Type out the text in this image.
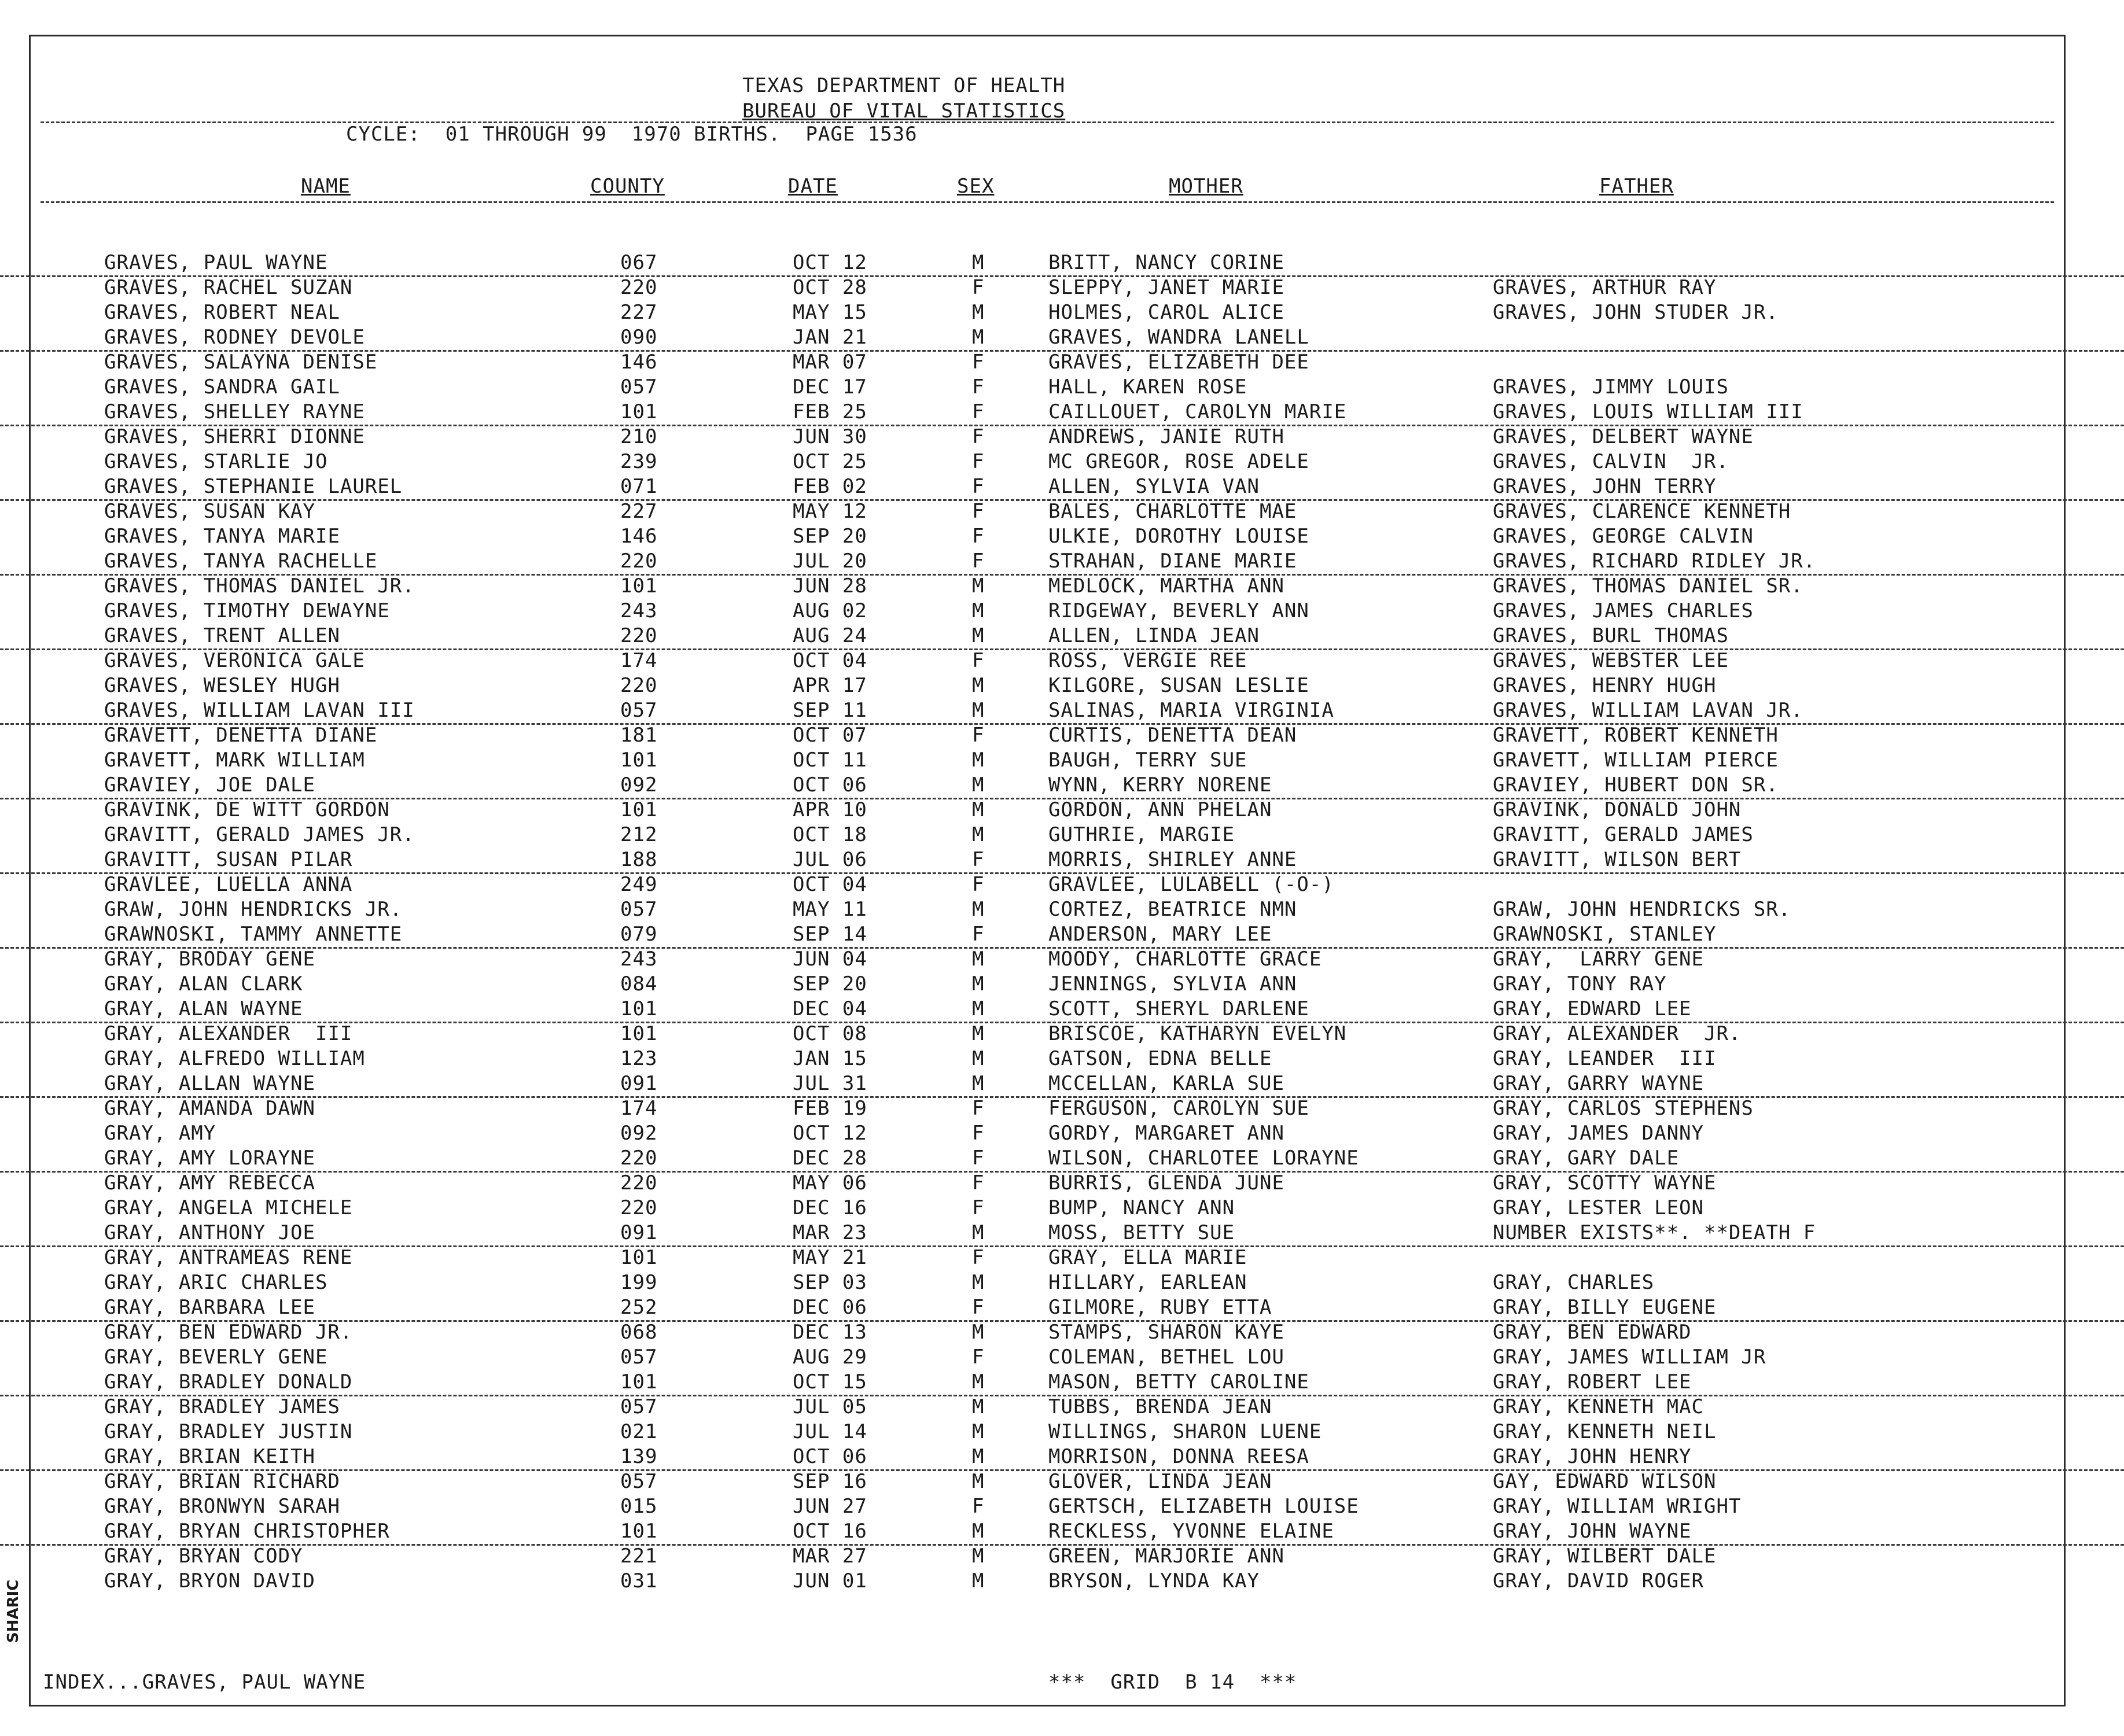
TEXAS DEPARTMENT OF HEALTH
BUREAU OF VITAL STATISTICS
CYCLE:  01 THROUGH 99  1970 BIRTHS.  PAGE 1536
NAME	COUNTY	DATE	SEX	MOTHER	FATHER
GRAVES, PAUL WAYNE	067	OCT 12	M	BRITT, NANCY CORINE
GRAVES, RACHEL SUZAN	220	OCT 28	F	SLEPPY, JANET MARIE	GRAVES, ARTHUR RAY
GRAVES, ROBERT NEAL	227	MAY 15	M	HOLMES, CAROL ALICE	GRAVES, JOHN STUDER JR.
GRAVES, RODNEY DEVOLE	090	JAN 21	M	GRAVES, WANDRA LANELL
GRAVES, SALAYNA DENISE	146	MAR 07	F	GRAVES, ELIZABETH DEE
GRAVES, SANDRA GAIL	057	DEC 17	F	HALL, KAREN ROSE	GRAVES, JIMMY LOUIS
GRAVES, SHELLEY RAYNE	101	FEB 25	F	CAILLOUET, CAROLYN MARIE	GRAVES, LOUIS WILLIAM III
GRAVES, SHERRI DIONNE	210	JUN 30	F	ANDREWS, JANIE RUTH	GRAVES, DELBERT WAYNE
GRAVES, STARLIE JO	239	OCT 25	F	MC GREGOR, ROSE ADELE	GRAVES, CALVIN  JR.
GRAVES, STEPHANIE LAUREL	071	FEB 02	F	ALLEN, SYLVIA VAN	GRAVES, JOHN TERRY
GRAVES, SUSAN KAY	227	MAY 12	F	BALES, CHARLOTTE MAE	GRAVES, CLARENCE KENNETH
GRAVES, TANYA MARIE	146	SEP 20	F	ULKIE, DOROTHY LOUISE	GRAVES, GEORGE CALVIN
GRAVES, TANYA RACHELLE	220	JUL 20	F	STRAHAN, DIANE MARIE	GRAVES, RICHARD RIDLEY JR.
GRAVES, THOMAS DANIEL JR.	101	JUN 28	M	MEDLOCK, MARTHA ANN	GRAVES, THOMAS DANIEL SR.
GRAVES, TIMOTHY DEWAYNE	243	AUG 02	M	RIDGEWAY, BEVERLY ANN	GRAVES, JAMES CHARLES
GRAVES, TRENT ALLEN	220	AUG 24	M	ALLEN, LINDA JEAN	GRAVES, BURL THOMAS
GRAVES, VERONICA GALE	174	OCT 04	F	ROSS, VERGIE REE	GRAVES, WEBSTER LEE
GRAVES, WESLEY HUGH	220	APR 17	M	KILGORE, SUSAN LESLIE	GRAVES, HENRY HUGH
GRAVES, WILLIAM LAVAN III	057	SEP 11	M	SALINAS, MARIA VIRGINIA	GRAVES, WILLIAM LAVAN JR.
GRAVETT, DENETTA DIANE	181	OCT 07	F	CURTIS, DENETTA DEAN	GRAVETT, ROBERT KENNETH
GRAVETT, MARK WILLIAM	101	OCT 11	M	BAUGH, TERRY SUE	GRAVETT, WILLIAM PIERCE
GRAVIEY, JOE DALE	092	OCT 06	M	WYNN, KERRY NORENE	GRAVIEY, HUBERT DON SR.
GRAVINK, DE WITT GORDON	101	APR 10	M	GORDON, ANN PHELAN	GRAVINK, DONALD JOHN
GRAVITT, GERALD JAMES JR.	212	OCT 18	M	GUTHRIE, MARGIE	GRAVITT, GERALD JAMES
GRAVITT, SUSAN PILAR	188	JUL 06	F	MORRIS, SHIRLEY ANNE	GRAVITT, WILSON BERT
GRAVLEE, LUELLA ANNA	249	OCT 04	F	GRAVLEE, LULABELL (-O-)
GRAW, JOHN HENDRICKS JR.	057	MAY 11	M	CORTEZ, BEATRICE NMN	GRAW, JOHN HENDRICKS SR.
GRAWNOSKI, TAMMY ANNETTE	079	SEP 14	F	ANDERSON, MARY LEE	GRAWNOSKI, STANLEY
GRAY, BRODAY GENE	243	JUN 04	M	MOODY, CHARLOTTE GRACE	GRAY,  LARRY GENE
GRAY, ALAN CLARK	084	SEP 20	M	JENNINGS, SYLVIA ANN	GRAY, TONY RAY
GRAY, ALAN WAYNE	101	DEC 04	M	SCOTT, SHERYL DARLENE	GRAY, EDWARD LEE
GRAY, ALEXANDER  III	101	OCT 08	M	BRISCOE, KATHARYN EVELYN	GRAY, ALEXANDER  JR.
GRAY, ALFREDO WILLIAM	123	JAN 15	M	GATSON, EDNA BELLE	GRAY, LEANDER  III
GRAY, ALLAN WAYNE	091	JUL 31	M	MCCELLAN, KARLA SUE	GRAY, GARRY WAYNE
GRAY, AMANDA DAWN	174	FEB 19	F	FERGUSON, CAROLYN SUE	GRAY, CARLOS STEPHENS
GRAY, AMY	092	OCT 12	F	GORDY, MARGARET ANN	GRAY, JAMES DANNY
GRAY, AMY LORAYNE	220	DEC 28	F	WILSON, CHARLOTEE LORAYNE	GRAY, GARY DALE
GRAY, AMY REBECCA	220	MAY 06	F	BURRIS, GLENDA JUNE	GRAY, SCOTTY WAYNE
GRAY, ANGELA MICHELE	220	DEC 16	F	BUMP, NANCY ANN	GRAY, LESTER LEON
GRAY, ANTHONY JOE	091	MAR 23	M	MOSS, BETTY SUE	NUMBER EXISTS**. **DEATH F
GRAY, ANTRAMEAS RENE	101	MAY 21	F	GRAY, ELLA MARIE
GRAY, ARIC CHARLES	199	SEP 03	M	HILLARY, EARLEAN	GRAY, CHARLES
GRAY, BARBARA LEE	252	DEC 06	F	GILMORE, RUBY ETTA	GRAY, BILLY EUGENE
GRAY, BEN EDWARD JR.	068	DEC 13	M	STAMPS, SHARON KAYE	GRAY, BEN EDWARD
GRAY, BEVERLY GENE	057	AUG 29	F	COLEMAN, BETHEL LOU	GRAY, JAMES WILLIAM JR
GRAY, BRADLEY DONALD	101	OCT 15	M	MASON, BETTY CAROLINE	GRAY, ROBERT LEE
GRAY, BRADLEY JAMES	057	JUL 05	M	TUBBS, BRENDA JEAN	GRAY, KENNETH MAC
GRAY, BRADLEY JUSTIN	021	JUL 14	M	WILLINGS, SHARON LUENE	GRAY, KENNETH NEIL
GRAY, BRIAN KEITH	139	OCT 06	M	MORRISON, DONNA REESA	GRAY, JOHN HENRY
GRAY, BRIAN RICHARD	057	SEP 16	M	GLOVER, LINDA JEAN	GAY, EDWARD WILSON
GRAY, BRONWYN SARAH	015	JUN 27	F	GERTSCH, ELIZABETH LOUISE	GRAY, WILLIAM WRIGHT
GRAY, BRYAN CHRISTOPHER	101	OCT 16	M	RECKLESS, YVONNE ELAINE	GRAY, JOHN WAYNE
GRAY, BRYAN CODY	221	MAR 27	M	GREEN, MARJORIE ANN	GRAY, WILBERT DALE
GRAY, BRYON DAVID	031	JUN 01	M	BRYSON, LYNDA KAY	GRAY, DAVID ROGER
INDEX...GRAVES, PAUL WAYNE	***  GRID  B 14  ***
SHARIC
